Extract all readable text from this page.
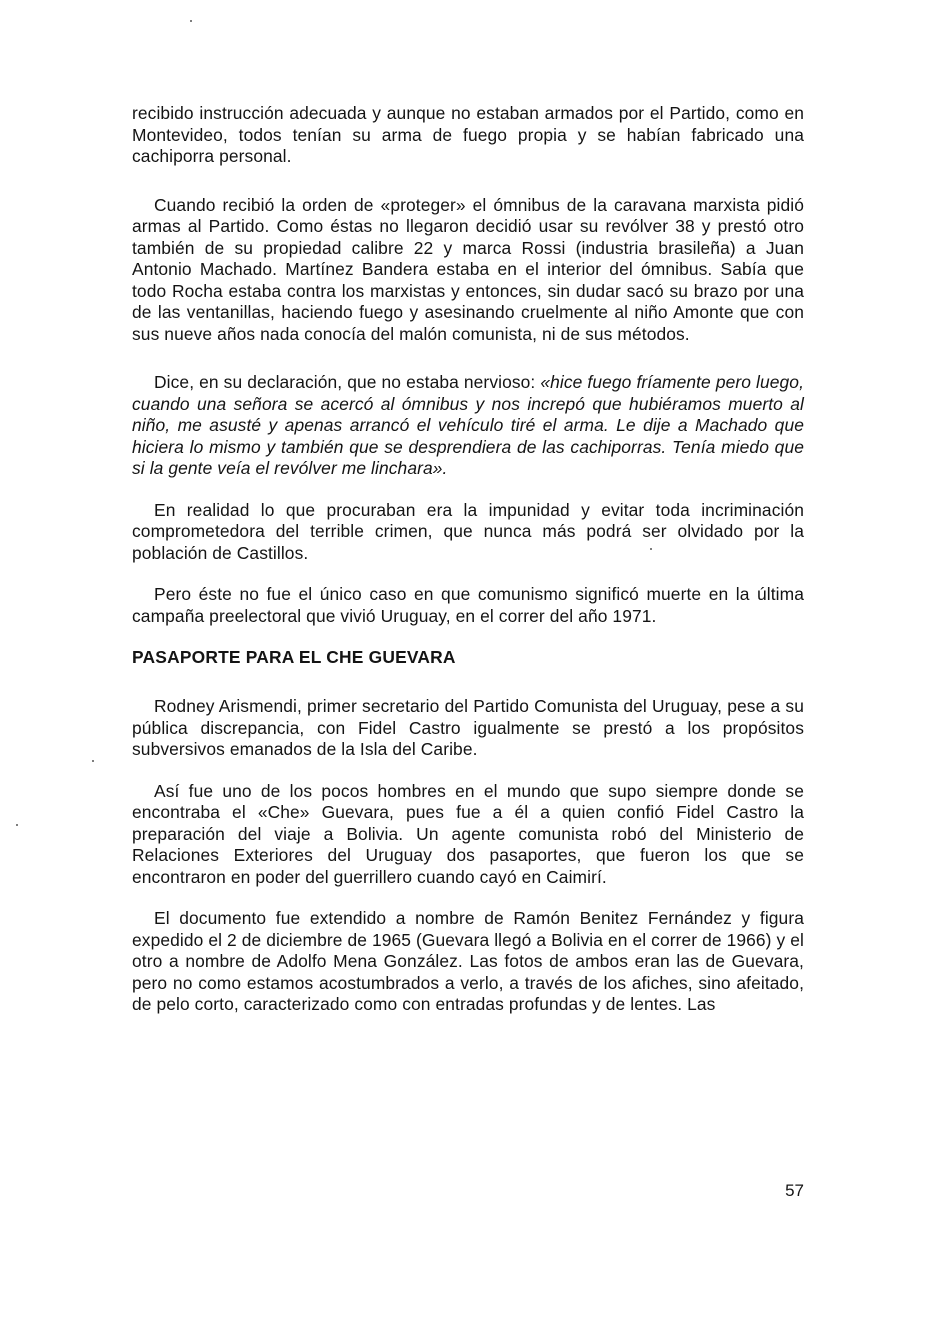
recibido instrucción adecuada y aunque no estaban armados por el Partido, como en Montevideo, todos tenían su arma de fuego propia y se habían fabricado una cachiporra personal.

Cuando recibió la orden de «proteger» el ómnibus de la caravana marxista pidió armas al Partido. Como éstas no llegaron decidió usar su revólver 38 y prestó otro también de su propiedad calibre 22 y marca Rossi (industria brasileña) a Juan Antonio Machado. Martínez Bandera estaba en el interior del ómnibus. Sabía que todo Rocha estaba contra los marxistas y entonces, sin dudar sacó su brazo por una de las ventanillas, haciendo fuego y asesinando cruelmente al niño Amonte que con sus nueve años nada conocía del malón comunista, ni de sus métodos.

Dice, en su declaración, que no estaba nervioso: «hice fuego fríamente pero luego, cuando una señora se acercó al ómnibus y nos increpó que hubiéramos muerto al niño, me asusté y apenas arrancó el vehículo tiré el arma. Le dije a Machado que hiciera lo mismo y también que se desprendiera de las cachiporras. Tenía miedo que si la gente veía el revólver me linchara».

En realidad lo que procuraban era la impunidad y evitar toda incriminación comprometedora del terrible crimen, que nunca más podrá ser olvidado por la población de Castillos.

Pero éste no fue el único caso en que comunismo significó muerte en la última campaña preelectoral que vivió Uruguay, en el correr del año 1971.

PASAPORTE PARA EL CHE GUEVARA

Rodney Arismendi, primer secretario del Partido Comunista del Uruguay, pese a su pública discrepancia, con Fidel Castro igualmente se prestó a los propósitos subversivos emanados de la Isla del Caribe.

Así fue uno de los pocos hombres en el mundo que supo siempre donde se encontraba el «Che» Guevara, pues fue a él a quien confió Fidel Castro la preparación del viaje a Bolivia. Un agente comunista robó del Ministerio de Relaciones Exteriores del Uruguay dos pasaportes, que fueron los que se encontraron en poder del guerrillero cuando cayó en Caimirí.

El documento fue extendido a nombre de Ramón Benitez Fernández y figura expedido el 2 de diciembre de 1965 (Guevara llegó a Bolivia en el correr de 1966) y el otro a nombre de Adolfo Mena González. Las fotos de ambos eran las de Guevara, pero no como estamos acostumbrados a verlo, a través de los afiches, sino afeitado, de pelo corto, caracterizado como con entradas profundas y de lentes. Las

57
